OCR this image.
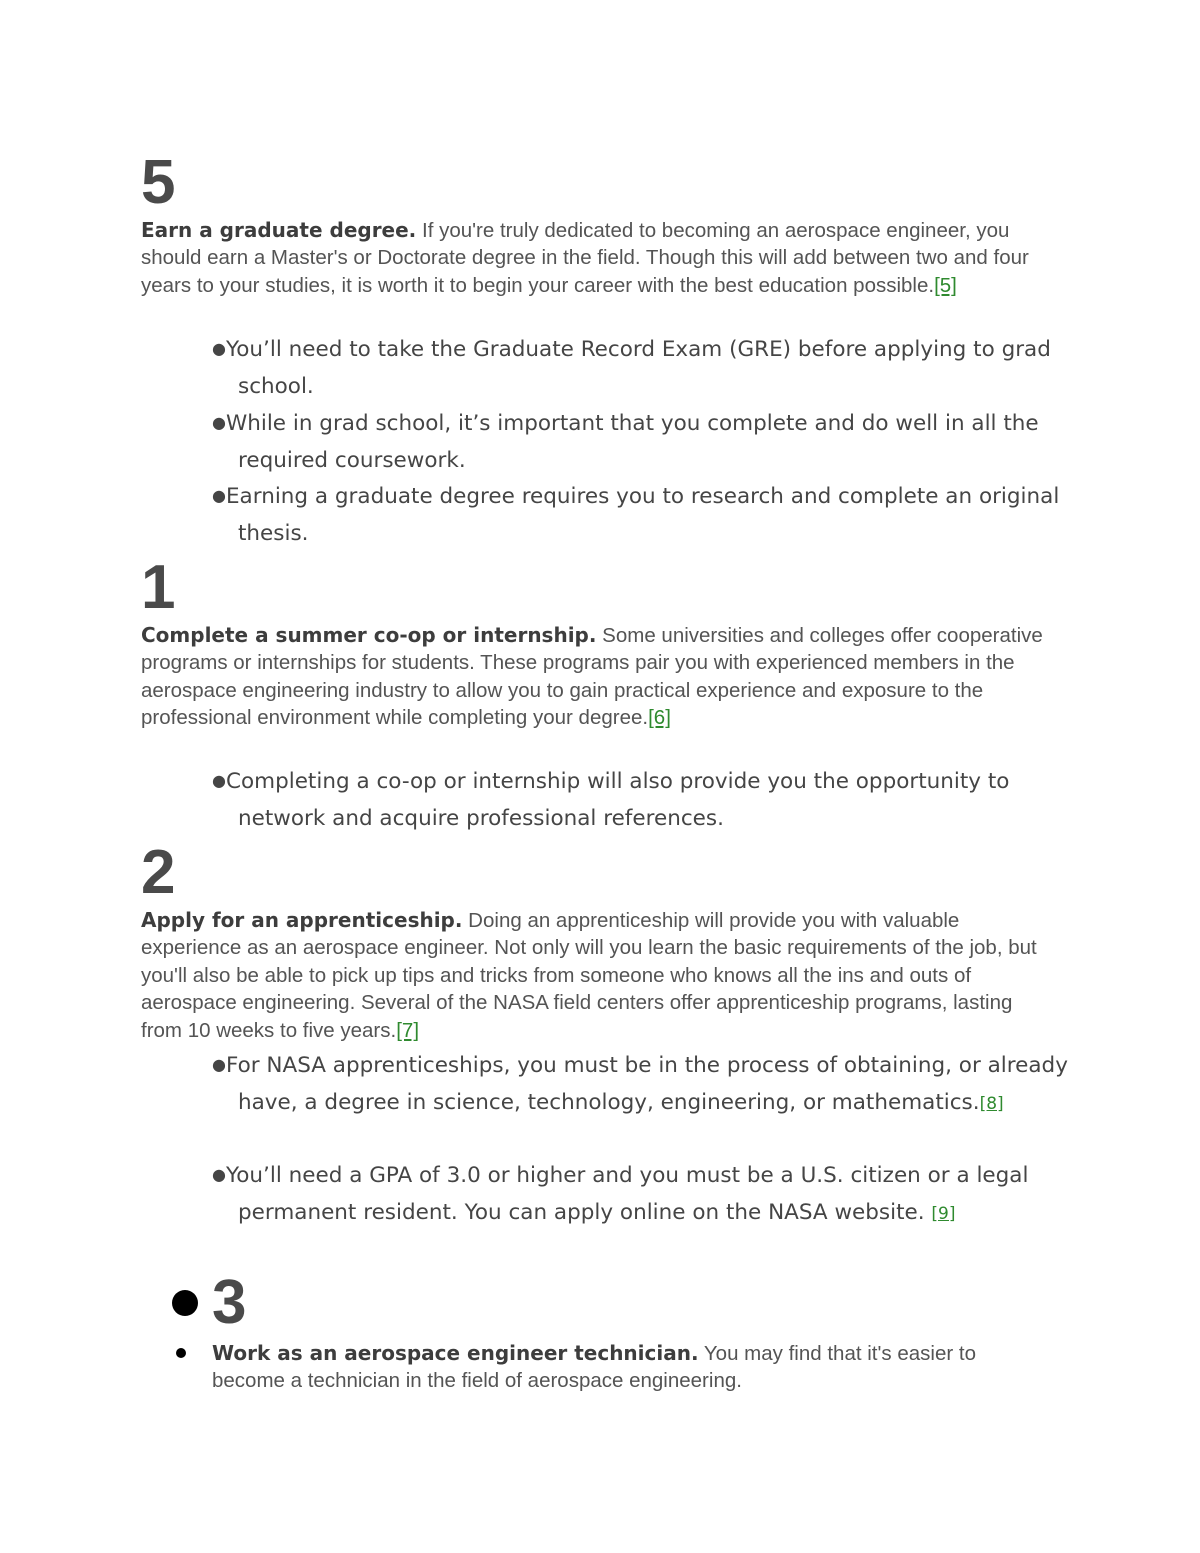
5
Earn a graduate degree. If you're truly dedicated to becoming an aerospace engineer, you should earn a Master's or Doctorate degree in the field. Though this will add between two and four years to your studies, it is worth it to begin your career with the best education possible.[5]
●You’ll need to take the Graduate Record Exam (GRE) before applying to grad school.
●While in grad school, it’s important that you complete and do well in all the required coursework.
●Earning a graduate degree requires you to research and complete an original thesis.
1
Complete a summer co-op or internship. Some universities and colleges offer cooperative programs or internships for students. These programs pair you with experienced members in the aerospace engineering industry to allow you to gain practical experience and exposure to the professional environment while completing your degree.[6]
●Completing a co-op or internship will also provide you the opportunity to network and acquire professional references.
2
Apply for an apprenticeship. Doing an apprenticeship will provide you with valuable experience as an aerospace engineer. Not only will you learn the basic requirements of the job, but you'll also be able to pick up tips and tricks from someone who knows all the ins and outs of aerospace engineering. Several of the NASA field centers offer apprenticeship programs, lasting from 10 weeks to five years.[7]
●For NASA apprenticeships, you must be in the process of obtaining, or already have, a degree in science, technology, engineering, or mathematics.[8]
●You’ll need a GPA of 3.0 or higher and you must be a U.S. citizen or a legal permanent resident. You can apply online on the NASA website. [9]
3
Work as an aerospace engineer technician. You may find that it's easier to become a technician in the field of aerospace engineering.
